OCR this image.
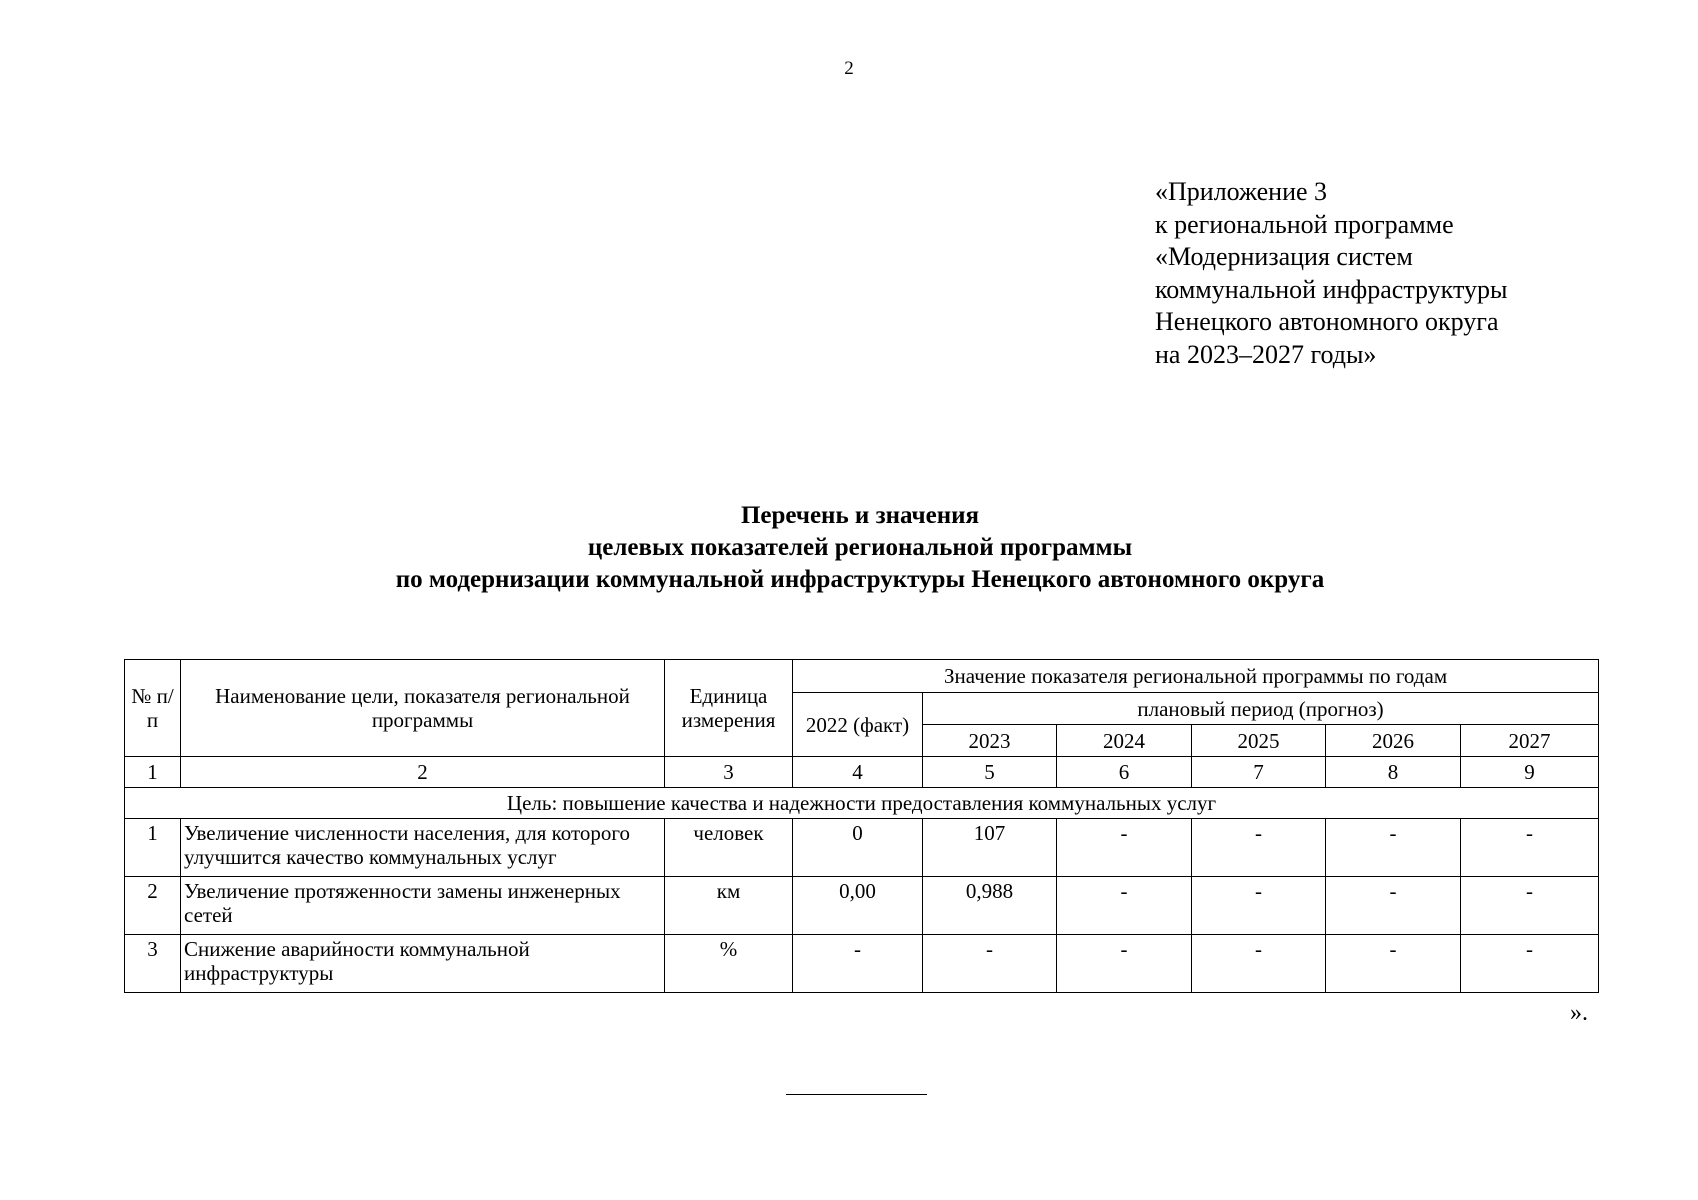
2
«Приложение 3
к региональной программе
«Модернизация систем
коммунальной инфраструктуры
Ненецкого автономного округа
на 2023–2027 годы»
Перечень и значения
целевых показателей региональной программы
по модернизации коммунальной инфраструктуры Ненецкого автономного округа
№ п/п	Наименование цели, показателя региональной программы	Единица измерения	Значение показателя региональной программы по годам					
			2022 (факт)	плановый период (прогноз)				
				2023	2024	2025	2026	2027
1	2	3	4	5	6	7	8	9
Цель: повышение качества и надежности предоставления коммунальных услуг								
1	Увеличение численности населения, для которого улучшится качество коммунальных услуг	человек	0	107	-	-	-	-
2	Увеличение протяженности замены инженерных сетей	км	0,00	0,988	-	-	-	-
3	Снижение аварийности коммунальной инфраструктуры	%	-	-	-	-	-	-
».
